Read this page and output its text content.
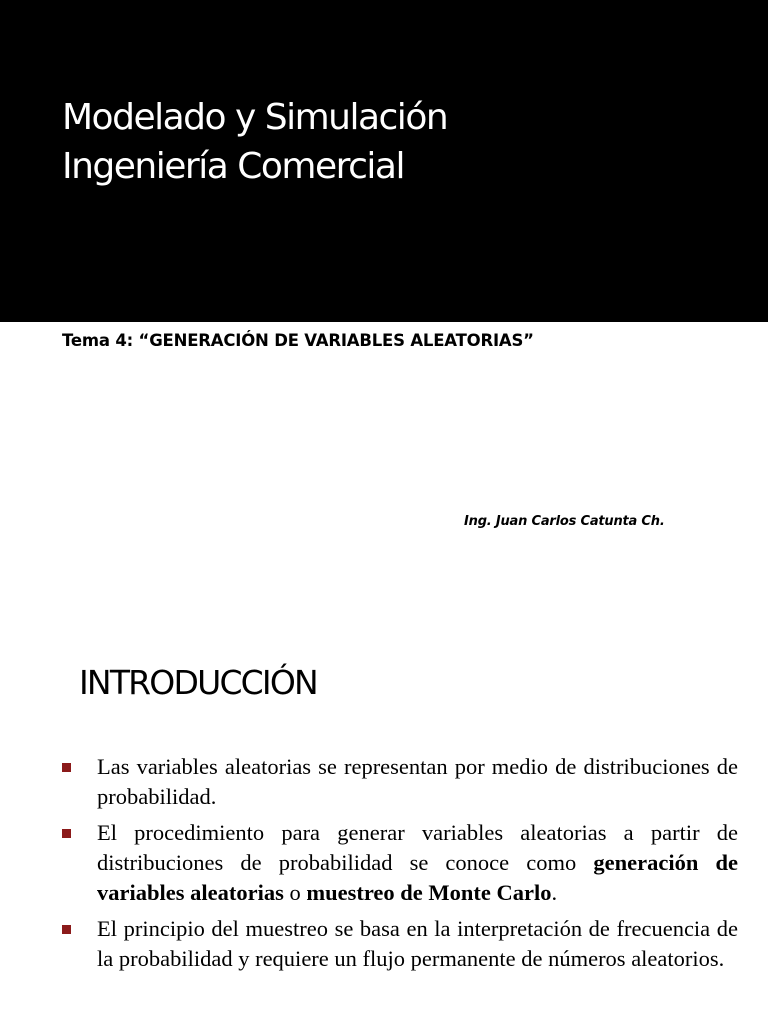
Modelado y Simulación
Ingeniería Comercial
Tema 4: “GENERACIÓN DE VARIABLES ALEATORIAS”
Ing. Juan Carlos Catunta Ch.
INTRODUCCIÓN
Las variables aleatorias se representan por medio de distribuciones de probabilidad.
El procedimiento para generar variables aleatorias a partir de distribuciones de probabilidad se conoce como generación de variables aleatorias o muestreo de Monte Carlo.
El principio del muestreo se basa en la interpretación de frecuencia de la probabilidad y requiere un flujo permanente de números aleatorios.
